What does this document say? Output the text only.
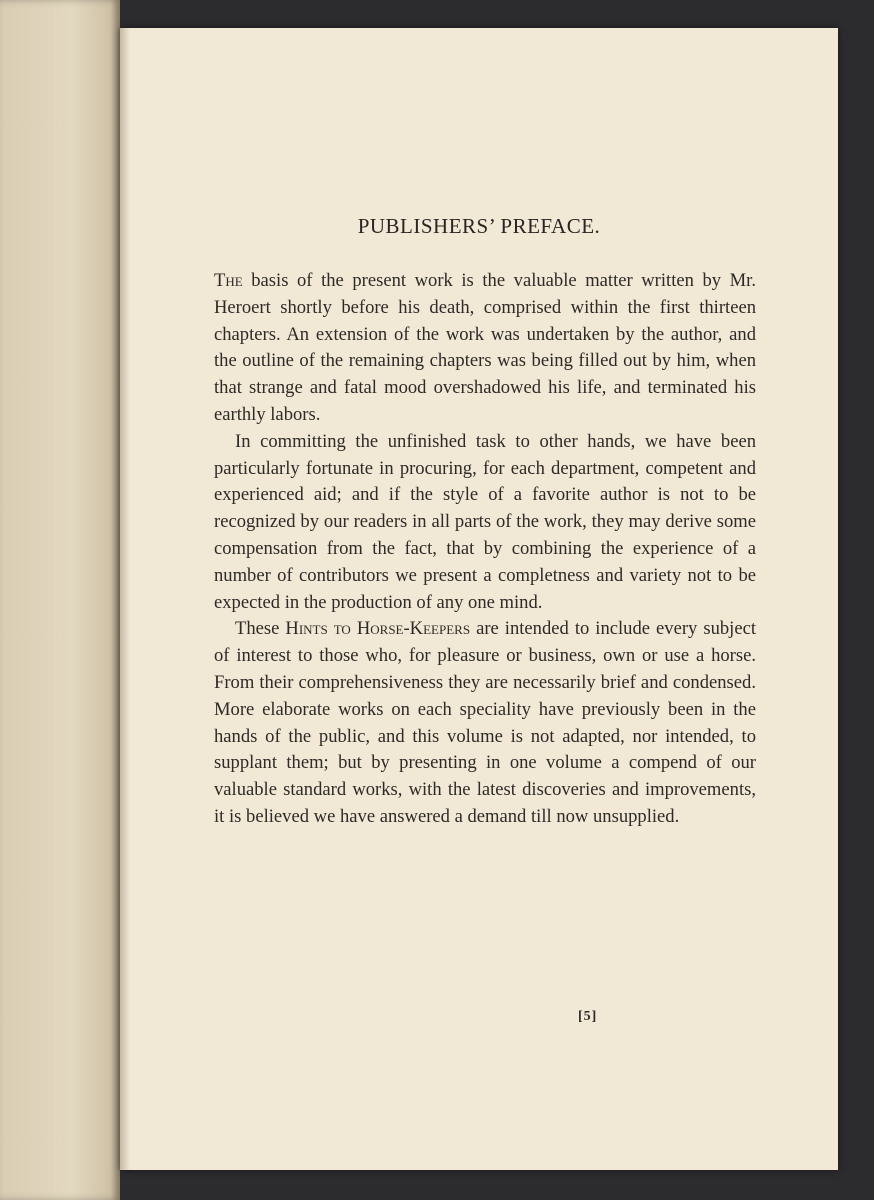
PUBLISHERS’ PREFACE.

The basis of the present work is the valuable matter written by Mr. Heroert shortly before his death, comprised within the first thirteen chapters. An extension of the work was undertaken by the author, and the outline of the remaining chapters was being filled out by him, when that strange and fatal mood overshadowed his life, and terminated his earthly labors.

In committing the unfinished task to other hands, we have been particularly fortunate in procuring, for each department, competent and experienced aid; and if the style of a favorite author is not to be recognized by our readers in all parts of the work, they may derive some compensation from the fact, that by combining the experience of a number of contributors we present a completness and variety not to be expected in the production of any one mind.

These Hints to Horse-Keepers are intended to include every subject of interest to those who, for pleasure or business, own or use a horse. From their comprehensiveness they are necessarily brief and condensed. More elaborate works on each speciality have previously been in the hands of the public, and this volume is not adapted, nor intended, to supplant them; but by presenting in one volume a compend of our valuable standard works, with the latest discoveries and improvements, it is believed we have answered a demand till now unsupplied.

[5]
